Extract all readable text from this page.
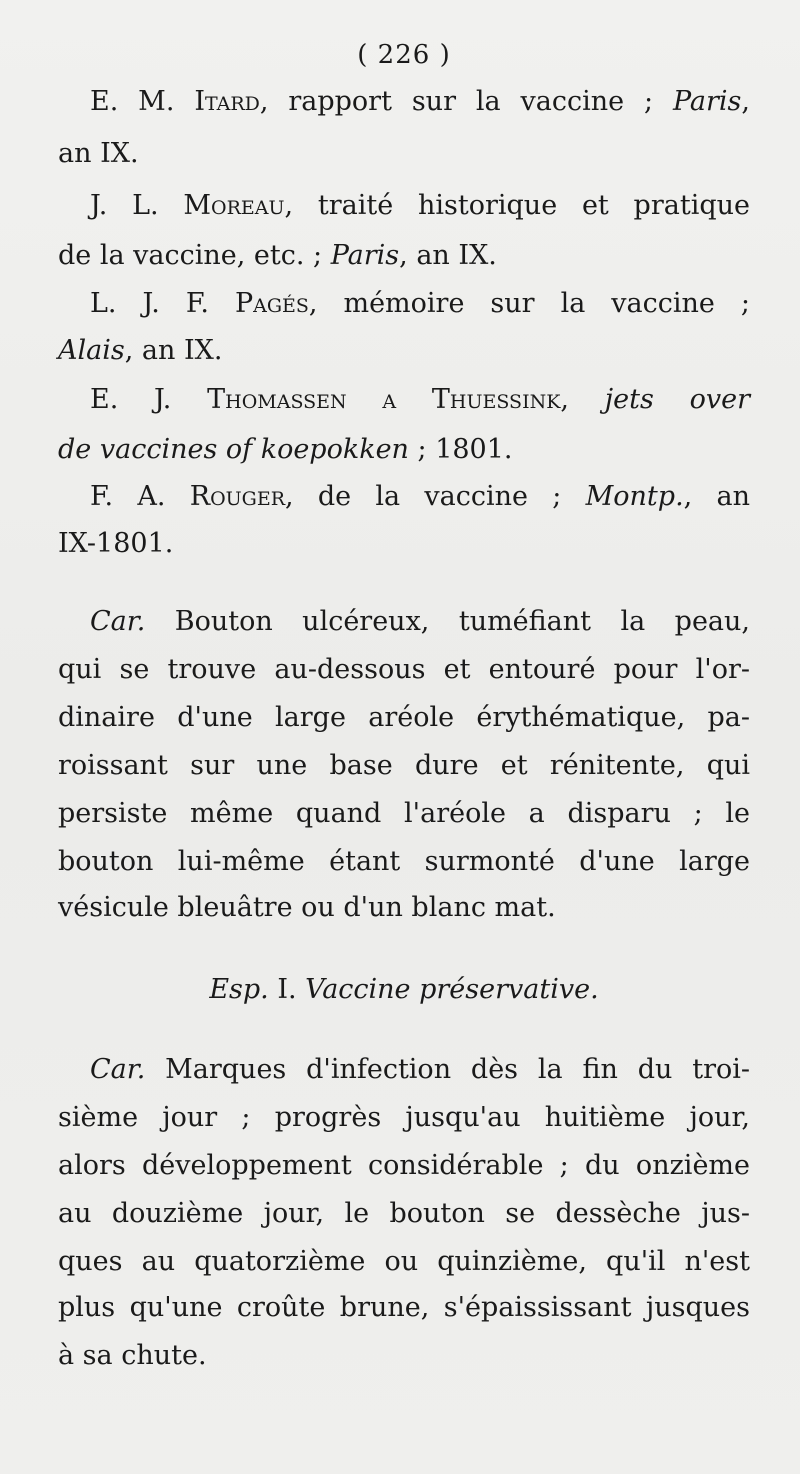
( 226 )
E. M. Itard, rapport sur la vaccine ; Paris,
an IX.

J. L. Moreau, traité historique et pratique
de la vaccine, etc. ; Paris, an IX.

L. J. F. Pagés, mémoire sur la vaccine ;
Alais, an IX.

E. J. Thomassen a Thuessink, jets over
de vaccines of koepokken ; 1801.

F. A. Rouger, de la vaccine ; Montp., an
IX-1801.
Car. Bouton ulcéreux, tuméfiant la peau,
qui se trouve au-dessous et entouré pour l'or-
dinaire d'une large aréole érythématique, pa-
roissant sur une base dure et rénitente, qui
persiste même quand l'aréole a disparu ; le
bouton lui-même étant surmonté d'une large
vésicule bleuâtre ou d'un blanc mat.
Esp. I. Vaccine préservative.
Car. Marques d'infection dès la fin du troi-
sième jour ; progrès jusqu'au huitième jour,
alors développement considérable ; du onzième
au douzième jour, le bouton se dessèche jus-
ques au quatorzième ou quinzième, qu'il n'est
plus qu'une croûte brune, s'épaississant jusques
à sa chute.
